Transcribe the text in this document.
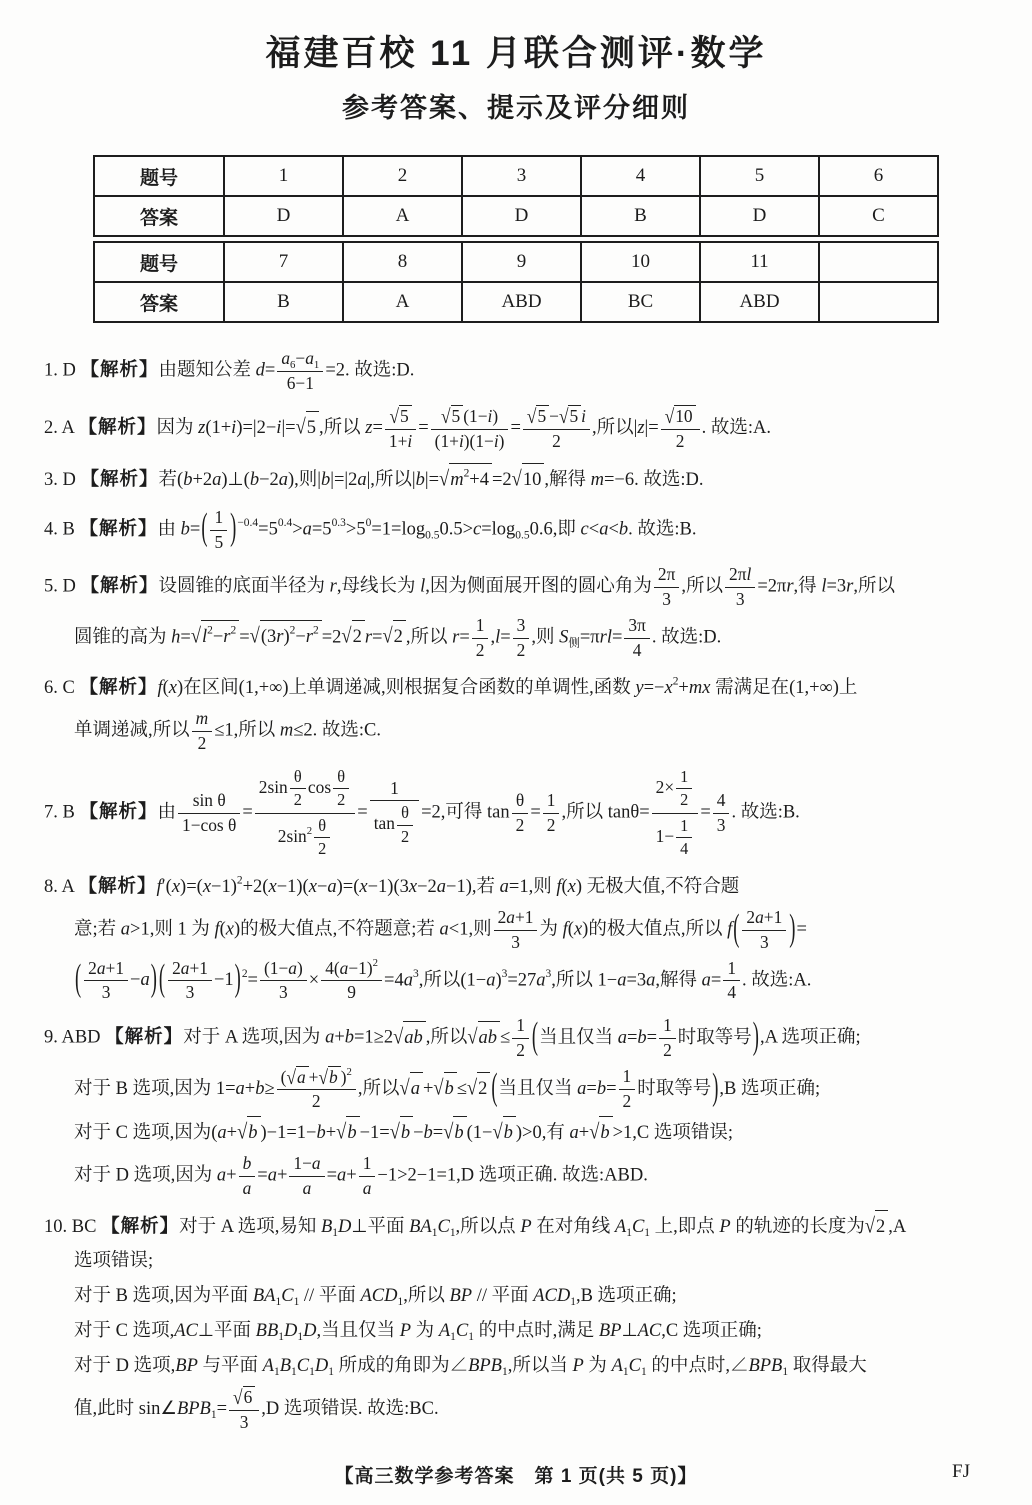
福建百校 11 月联合测评·数学
参考答案、提示及评分细则
题号	1	2	3	4	5	6
答案	D	A	D	B	D	C
题号	7	8	9	10	11	
答案	B	A	ABD	BC	ABD	

1. D 【解析】由题知公差 $d= \frac{a_6-a_1}{6-1} =2$. 故选:D.

2. A 【解析】因为 z(1+i)=|2−i|=√5 ,所以 $z= \frac{√5}{1+i} = \frac{√5 (1-i)}{(1+i)(1-i)} = \frac{√5 -√5 i}{2}$ ,所以$|z|= \frac{√10}{2}$ . 故选:A.

3. D 【解析】若(b+2a)⊥(b−2a),则|b|=|2a|,所以$|b|=√m^2+4 =2√10$ ,解得 m=−6. 故选:D.

4. B 【解析】由 $b=( \frac{1}{5} )^{-0.4}=5^{0.4}>a=5^{0.3}>5^0=1=\log_{0.5}0.5>c=\log_{0.5}0.6$,即 c<a<b. 故选:B.

5. D 【解析】设圆锥的底面半径为 r,母线长为 l,因为侧面展开图的圆心角为 $\frac{2\pi}{3}$ ,所以 $\frac{2\pi l}{3} =2\pi r$,得 l=3r,所以

圆锥的高为 $h=√l^2-r^2 =√(3r)^2-r^2 =2√2$ r=√2 ,所以 $r= \frac{1}{2} ,l= \frac{3}{2}$ ,则 $S_侧=\pi rl= \frac{3\pi}{4}$ . 故选:D.

6. C 【解析】f(x)在区间(1,+∞)上单调递减,则根据复合函数的单调性,函数 $y=-x^2+mx$ 需满足在(1,+∞)上

单调递减,所以 $\frac{m}{2} \le 1$,所以 m≤2. 故选:C.

7. B 【解析】由 $\frac{\text{sin θ}}{\text{1−cos θ}} = \frac{2\sin \frac{\theta}{2} \cos \frac{\theta}{2}}{2\sin^2 \frac{\theta}{2}} = \frac{1}{\tan \frac{\theta}{2}} =2$,可得 $\tan \frac{\theta}{2} = \frac{1}{2}$ ,所以 $\tan\theta= \frac{2\times \frac{1}{2}}{1- \frac{1}{4}} = \frac{4}{3}$ . 故选:B.

8. A 【解析】$f'(x)=(x-1)^2+2(x-1)(x-a)=(x-1)(3x-2a-1)$,若 a=1,则 f(x) 无极大值,不符合题

意;若 a>1,则 1 为 f(x)的极大值点,不符题意;若 a<1,则 $\frac{2a+1}{3}$ 为 f(x)的极大值点,所以 $f( \frac{2a+1}{3}$ )=

( $\frac{2a+1}{3} -a$) ( $\frac{2a+1}{3} -1)^2= \frac{(1-a)}{3} \times \frac{4(a-1)^2}{9} =4a^3$,所以$(1-a)^3=27a^3$,所以 1−a=3a,解得 $a= \frac{1}{4}$ . 故选:A.

9. ABD 【解析】对于 A 选项,因为 a+b=1≥2√ab ,所以$√ab \le \frac{1}{2}$ (当且仅当 $a=b= \frac{1}{2}$ 时取等号),A 选项正确;

对于 B 选项,因为 $1=a+b\ge \frac{(√a +√b )^2}{2}$ ,所以√a +√b ≤√2 (当且仅当 $a=b= \frac{1}{2}$ 时取等号),B 选项正确;

对于 C 选项,因为(a+√b )−1=1−b+√b −1=√b −b=√b (1−√b )>0,有 a+√b >1,C 选项错误;

对于 D 选项,因为 $a+ \frac{b}{a} =a+ \frac{1-a}{a} =a+ \frac{1}{a} -1>2-1=1,D$ 选项正确. 故选:ABD.

10. BC 【解析】对于 A 选项,易知 $B_1D\perp$平面 $BA_1C_1$,所以点 P 在对角线 $A_1C_1$ 上,即点 P 的轨迹的长度为√2 ,A

选项错误;

对于 B 选项,因为平面 $BA_1C_1$ // 平面 $ACD_1$,所以 BP // 平面 $ACD_1,B$ 选项正确;

对于 C 选项,AC⊥平面 $BB_1D_1D$,当且仅当 P 为 $A_1C_1$ 的中点时,满足 BP⊥AC,C 选项正确;

对于 D 选项,BP 与平面 $A_1B_1C_1D_1$ 所成的角即为$\angle BPB_1$,所以当 P 为 $A_1C_1$ 的中点时$,\angle BPB_1$ 取得最大

值,此时 $\sin\angle BPB_1= \frac{√6}{3} ,D$ 选项错误. 故选:BC.

【高三数学参考答案　第 1 页(共 5 页)】	FJ
